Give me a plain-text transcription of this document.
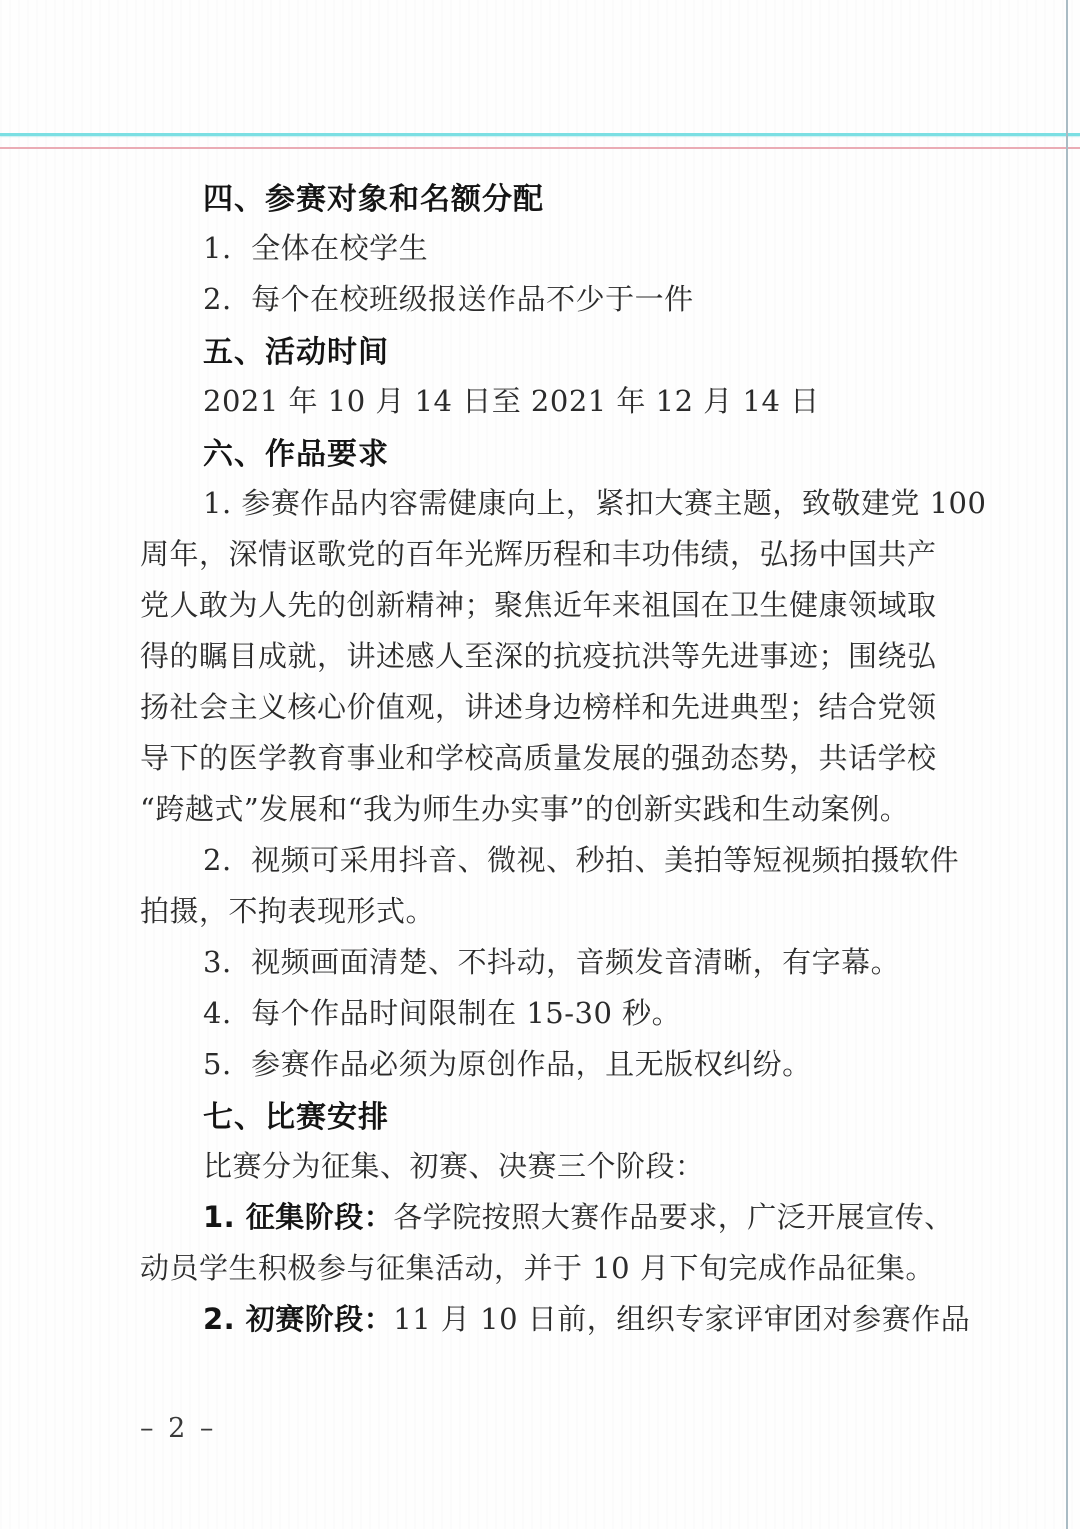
四、参赛对象和名额分配
1.  全体在校学生
2.  每个在校班级报送作品不少于一件
五、活动时间
2021 年 10 月 14 日至 2021 年 12 月 14 日
六、作品要求
1. 参赛作品内容需健康向上，紧扣大赛主题，致敬建党 100
周年，深情讴歌党的百年光辉历程和丰功伟绩，弘扬中国共产
党人敢为人先的创新精神；聚焦近年来祖国在卫生健康领域取
得的瞩目成就，讲述感人至深的抗疫抗洪等先进事迹；围绕弘
扬社会主义核心价值观，讲述身边榜样和先进典型；结合党领
导下的医学教育事业和学校高质量发展的强劲态势，共话学校
“跨越式”发展和“我为师生办实事”的创新实践和生动案例。
2.  视频可采用抖音、微视、秒拍、美拍等短视频拍摄软件
拍摄，不拘表现形式。
3.  视频画面清楚、不抖动，音频发音清晰，有字幕。
4.  每个作品时间限制在 15-30 秒。
5.  参赛作品必须为原创作品，且无版权纠纷。
七、比赛安排
比赛分为征集、初赛、决赛三个阶段：
1. 征集阶段： 各学院按照大赛作品要求，广泛开展宣传、
动员学生积极参与征集活动，并于 10 月下旬完成作品征集。
2. 初赛阶段： 11 月 10 日前，组织专家评审团对参赛作品
– 2 –
